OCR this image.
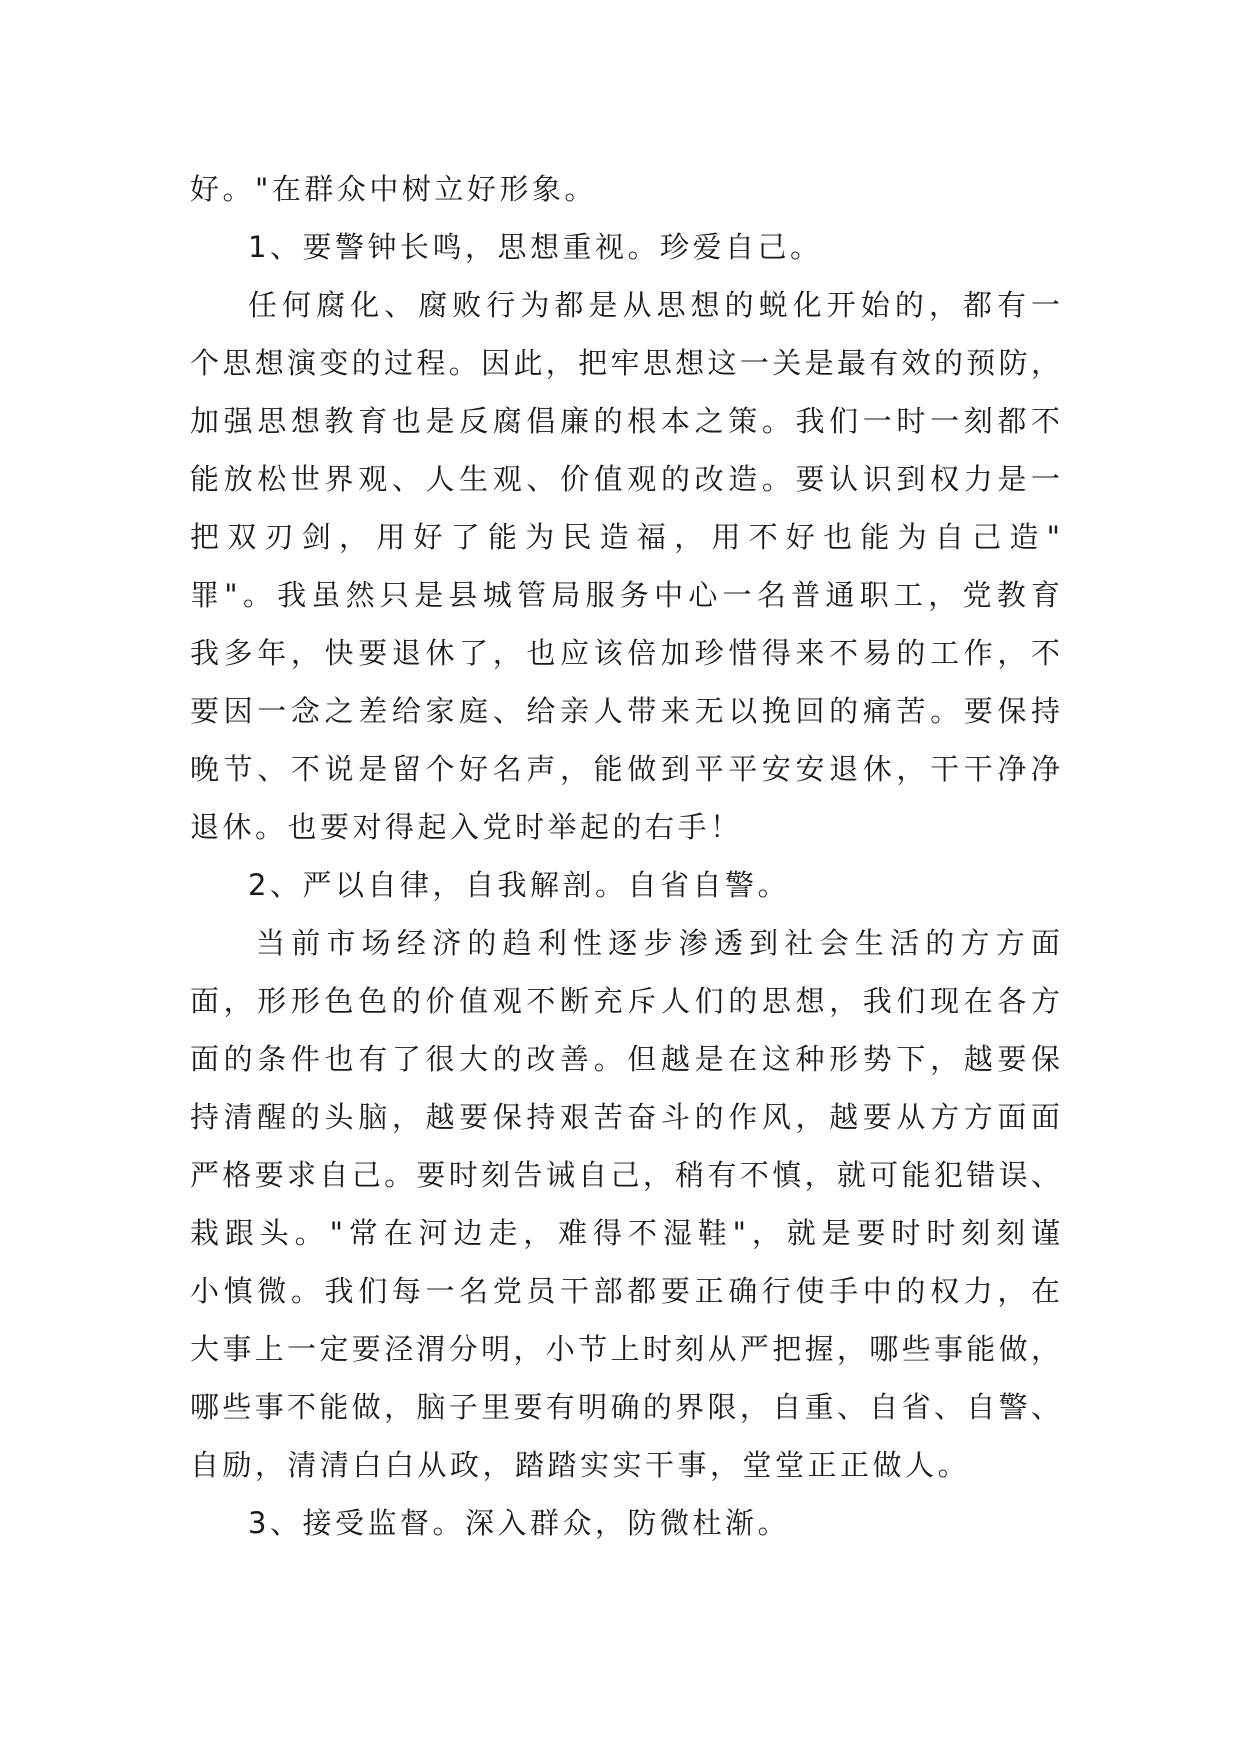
好。"在群众中树立好形象。
1、要警钟长鸣，思想重视。珍爱自己。
任何腐化、腐败行为都是从思想的蜕化开始的，都有一
个思想演变的过程。因此，把牢思想这一关是最有效的预防，
加强思想教育也是反腐倡廉的根本之策。我们一时一刻都不
能放松世界观、人生观、价值观的改造。要认识到权力是一
把双刃剑，用好了能为民造福，用不好也能为自己造"
罪"。我虽然只是县城管局服务中心一名普通职工，党教育
我多年，快要退休了，也应该倍加珍惜得来不易的工作，不
要因一念之差给家庭、给亲人带来无以挽回的痛苦。要保持
晚节、不说是留个好名声，能做到平平安安退休，干干净净
退休。也要对得起入党时举起的右手！
2、严以自律，自我解剖。自省自警。
当前市场经济的趋利性逐步渗透到社会生活的方方面
面，形形色色的价值观不断充斥人们的思想，我们现在各方
面的条件也有了很大的改善。但越是在这种形势下，越要保
持清醒的头脑，越要保持艰苦奋斗的作风，越要从方方面面
严格要求自己。要时刻告诫自己，稍有不慎，就可能犯错误、
栽跟头。"常在河边走，难得不湿鞋"，就是要时时刻刻谨
小慎微。我们每一名党员干部都要正确行使手中的权力，在
大事上一定要泾渭分明，小节上时刻从严把握，哪些事能做，
哪些事不能做，脑子里要有明确的界限，自重、自省、自警、
自励，清清白白从政，踏踏实实干事，堂堂正正做人。
3、接受监督。深入群众，防微杜渐。
